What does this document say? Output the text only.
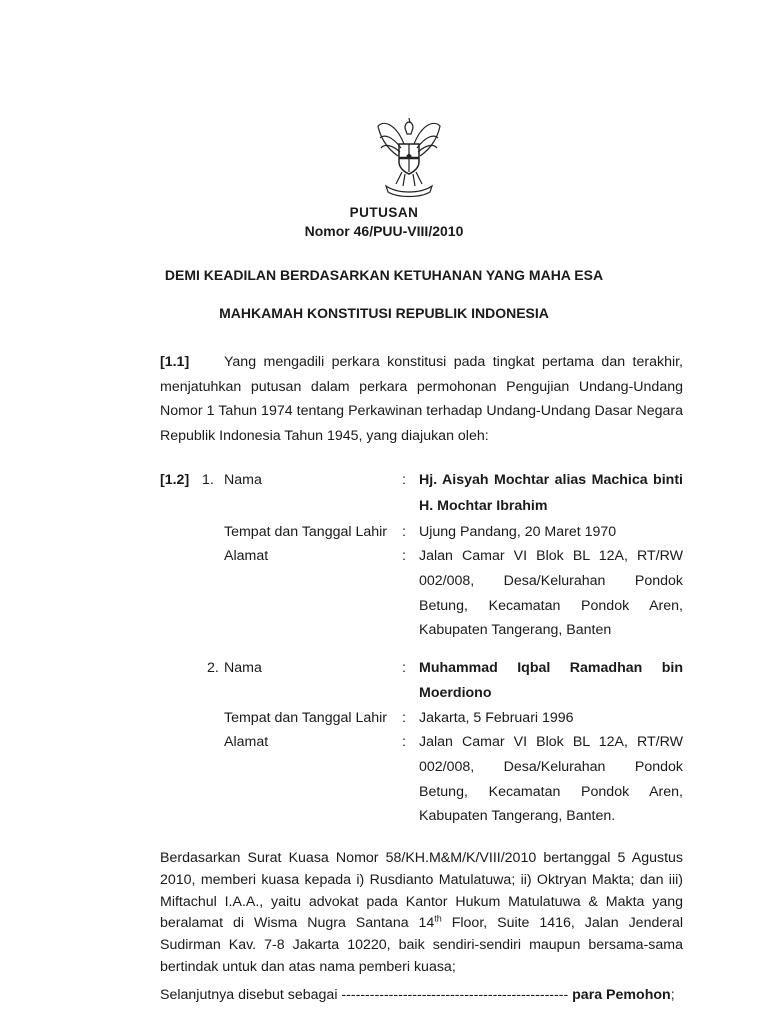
PUTUSAN
Nomor 46/PUU-VIII/2010
DEMI KEADILAN BERDASARKAN KETUHANAN YANG MAHA ESA
MAHKAMAH KONSTITUSI REPUBLIK INDONESIA
[1.1] Yang mengadili perkara konstitusi pada tingkat pertama dan terakhir, menjatuhkan putusan dalam perkara permohonan Pengujian Undang-Undang Nomor 1 Tahun 1974 tentang Perkawinan terhadap Undang-Undang Dasar Negara Republik Indonesia Tahun 1945, yang diajukan oleh:
[1.2] 1. Nama	: Hj. Aisyah Mochtar alias Machica binti
H. Mochtar Ibrahim
Tempat dan Tanggal Lahir : Ujung Pandang, 20 Maret 1970
Alamat	: Jalan Camar VI Blok BL 12A, RT/RW
002/008, Desa/Kelurahan Pondok
Betung, Kecamatan Pondok Aren,
Kabupaten Tangerang, Banten
2. Nama	: Muhammad Iqbal Ramadhan bin
Moerdiono
Tempat dan Tanggal Lahir : Jakarta, 5 Februari 1996
Alamat	: Jalan Camar VI Blok BL 12A, RT/RW
002/008, Desa/Kelurahan Pondok
Betung, Kecamatan Pondok Aren,
Kabupaten Tangerang, Banten.
Berdasarkan Surat Kuasa Nomor 58/KH.M&M/K/VIII/2010 bertanggal 5 Agustus 2010, memberi kuasa kepada i) Rusdianto Matulatuwa; ii) Oktryan Makta; dan iii) Miftachul I.A.A., yaitu advokat pada Kantor Hukum Matulatuwa & Makta yang beralamat di Wisma Nugra Santana 14th Floor, Suite 1416, Jalan Jenderal Sudirman Kav. 7-8 Jakarta 10220, baik sendiri-sendiri maupun bersama-sama bertindak untuk dan atas nama pemberi kuasa;
Selanjutnya disebut sebagai ------------------------------------------------ para Pemohon;
